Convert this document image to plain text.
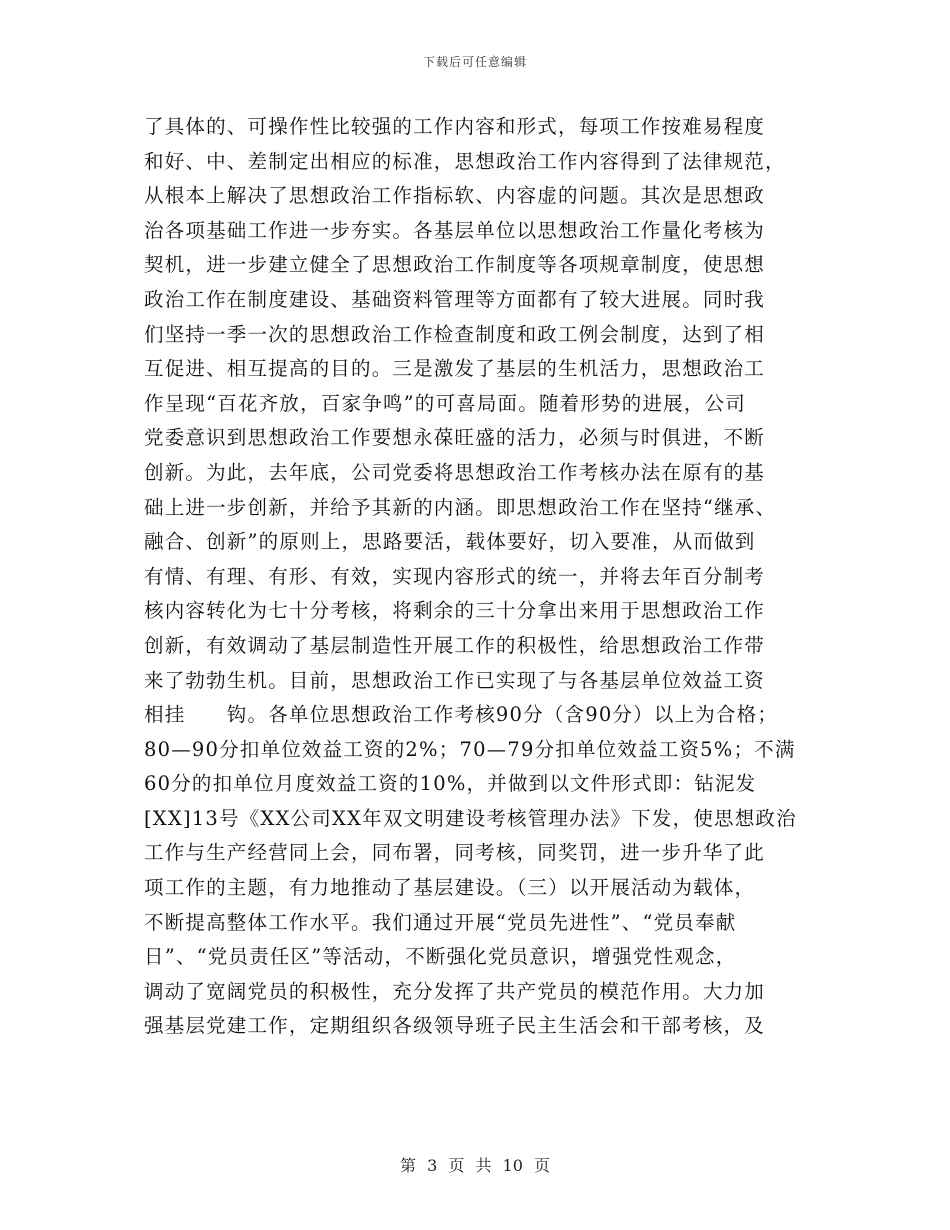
下载后可任意编辑
了具体的、可操作性比较强的工作内容和形式，每项工作按难易程度
和好、中、差制定出相应的标准，思想政治工作内容得到了法律规范，
从根本上解决了思想政治工作指标软、内容虚的问题。其次是思想政
治各项基础工作进一步夯实。各基层单位以思想政治工作量化考核为
契机，进一步建立健全了思想政治工作制度等各项规章制度，使思想
政治工作在制度建设、基础资料管理等方面都有了较大进展。同时我
们坚持一季一次的思想政治工作检查制度和政工例会制度，达到了相
互促进、相互提高的目的。三是激发了基层的生机活力，思想政治工
作呈现“百花齐放，百家争鸣”的可喜局面。随着形势的进展，公司
党委意识到思想政治工作要想永葆旺盛的活力，必须与时俱进，不断
创新。为此，去年底，公司党委将思想政治工作考核办法在原有的基
础上进一步创新，并给予其新的内涵。即思想政治工作在坚持“继承、
融合、创新”的原则上，思路要活，载体要好，切入要准，从而做到
有情、有理、有形、有效，实现内容形式的统一，并将去年百分制考
核内容转化为七十分考核，将剩余的三十分拿出来用于思想政治工作
创新，有效调动了基层制造性开展工作的积极性，给思想政治工作带
来了勃勃生机。目前，思想政治工作已实现了与各基层单位效益工资
相挂　　钩。各单位思想政治工作考核90分（含90分）以上为合格；
80—90分扣单位效益工资的2%；70—79分扣单位效益工资5%；不满
60分的扣单位月度效益工资的10%，并做到以文件形式即：钻泥发
[XX]13号《XX公司XX年双文明建设考核管理办法》下发，使思想政治
工作与生产经营同上会，同布署，同考核，同奖罚，进一步升华了此
项工作的主题，有力地推动了基层建设。（三）以开展活动为载体，
不断提高整体工作水平。我们通过开展“党员先进性”、“党员奉献
日”、“党员责任区”等活动，不断强化党员意识，增强党性观念，
调动了宽阔党员的积极性，充分发挥了共产党员的模范作用。大力加
强基层党建工作，定期组织各级领导班子民主生活会和干部考核，及
第 3 页 共 10 页
